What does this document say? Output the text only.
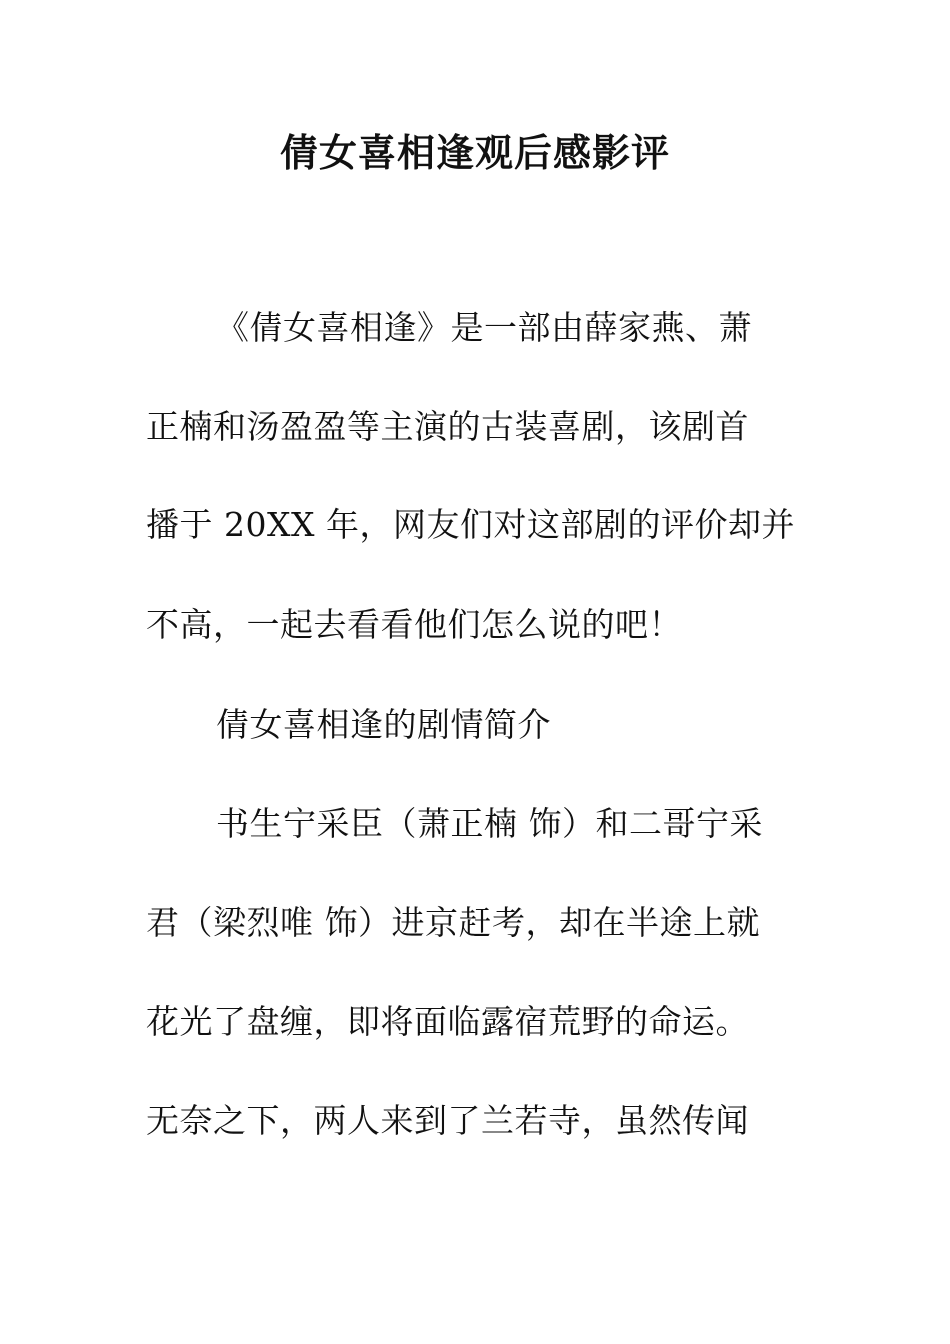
倩女喜相逢观后感影评
《倩女喜相逢》是一部由薛家燕、萧
正楠和汤盈盈等主演的古装喜剧，该剧首
播于 20XX 年，网友们对这部剧的评价却并
不高，一起去看看他们怎么说的吧！
倩女喜相逢的剧情简介
书生宁采臣（萧正楠 饰）和二哥宁采
君（梁烈唯 饰）进京赶考，却在半途上就
花光了盘缠，即将面临露宿荒野的命运。
无奈之下，两人来到了兰若寺，虽然传闻
